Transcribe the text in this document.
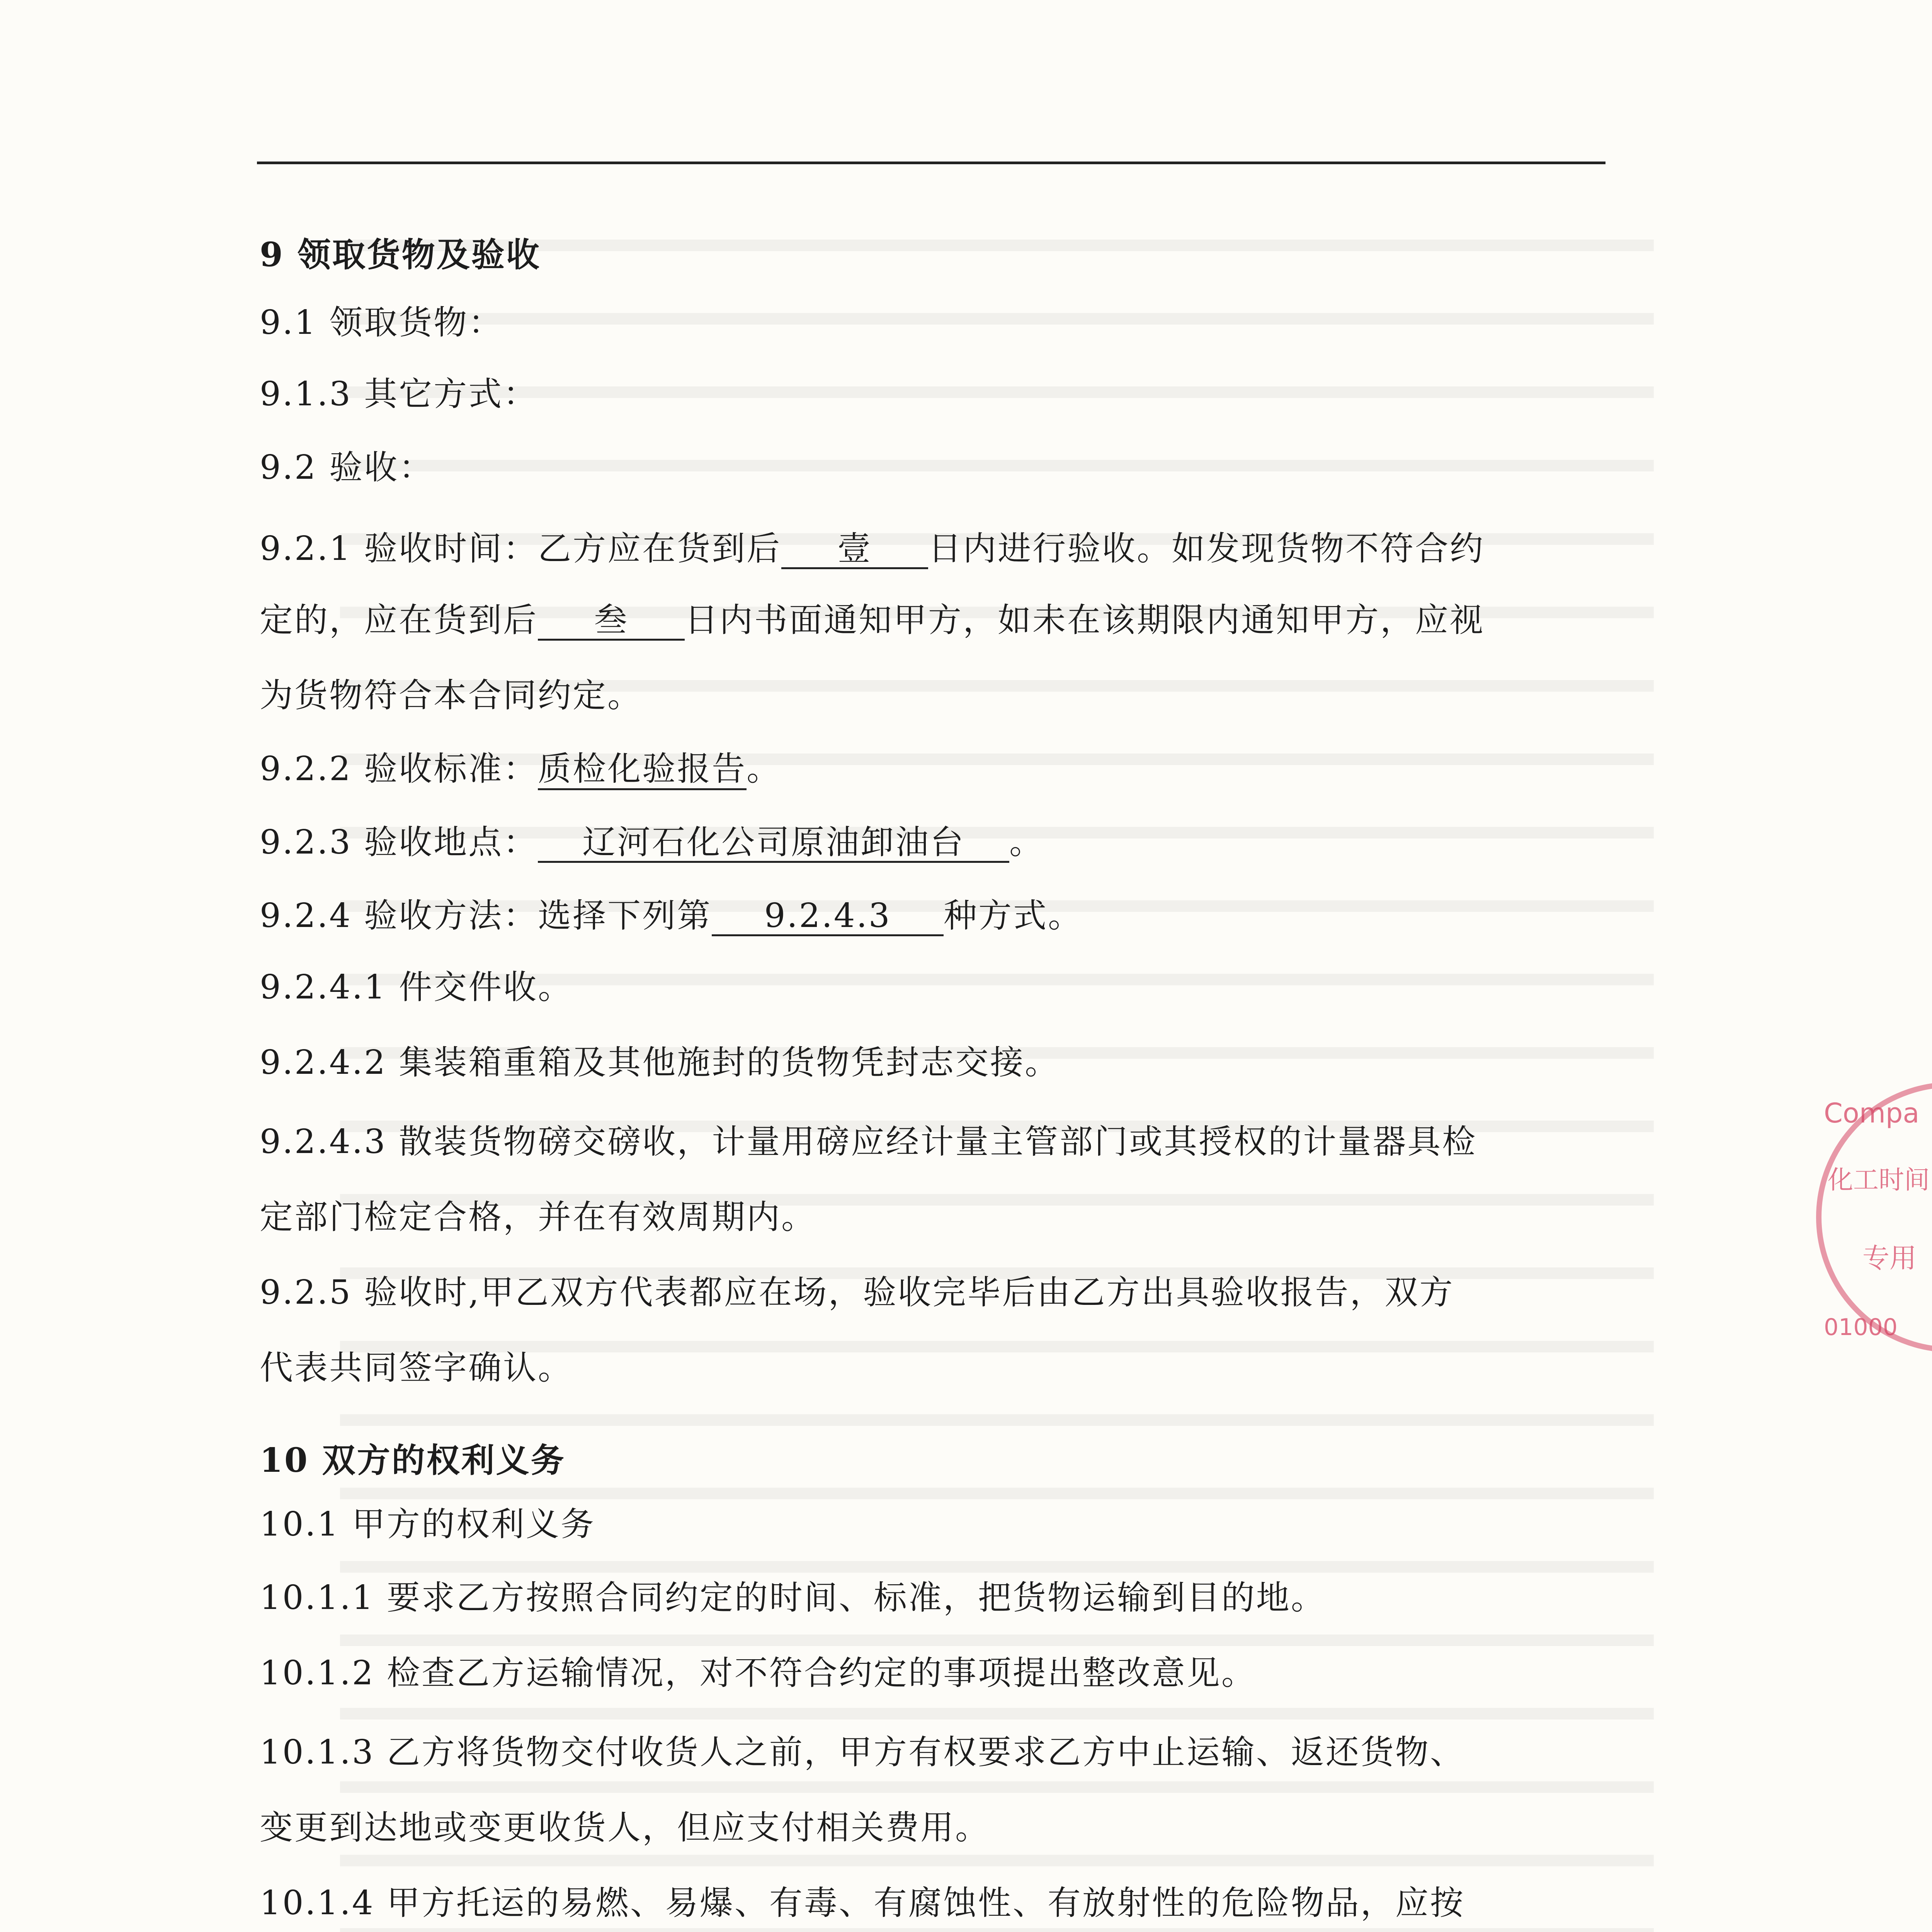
9 领取货物及验收
9.1 领取货物：
9.1.3 其它方式：
9.2 验收：
9.2.1 验收时间：乙方应在货到后 壹 日内进行验收。如发现货物不符合约
定的，应在货到后 叁 日内书面通知甲方，如未在该期限内通知甲方，应视
为货物符合本合同约定。
9.2.2 验收标准：质检化验报告。
9.2.3 验收地点： 辽河石化公司原油卸油台 。
9.2.4 验收方法：选择下列第 9.2.4.3 种方式。
9.2.4.1 件交件收。
9.2.4.2 集装箱重箱及其他施封的货物凭封志交接。
9.2.4.3 散装货物磅交磅收，计量用磅应经计量主管部门或其授权的计量器具检
定部门检定合格，并在有效周期内。
9.2.5 验收时,甲乙双方代表都应在场，验收完毕后由乙方出具验收报告，双方
代表共同签字确认。
10 双方的权利义务
10.1 甲方的权利义务
10.1.1 要求乙方按照合同约定的时间、标准，把货物运输到目的地。
10.1.2 检查乙方运输情况，对不符合约定的事项提出整改意见。
10.1.3 乙方将货物交付收货人之前，甲方有权要求乙方中止运输、返还货物、
变更到达地或变更收货人，但应支付相关费用。
10.1.4 甲方托运的易燃、易爆、有毒、有腐蚀性、有放射性的危险物品，应按
Compa
化工时间
专用
01000
